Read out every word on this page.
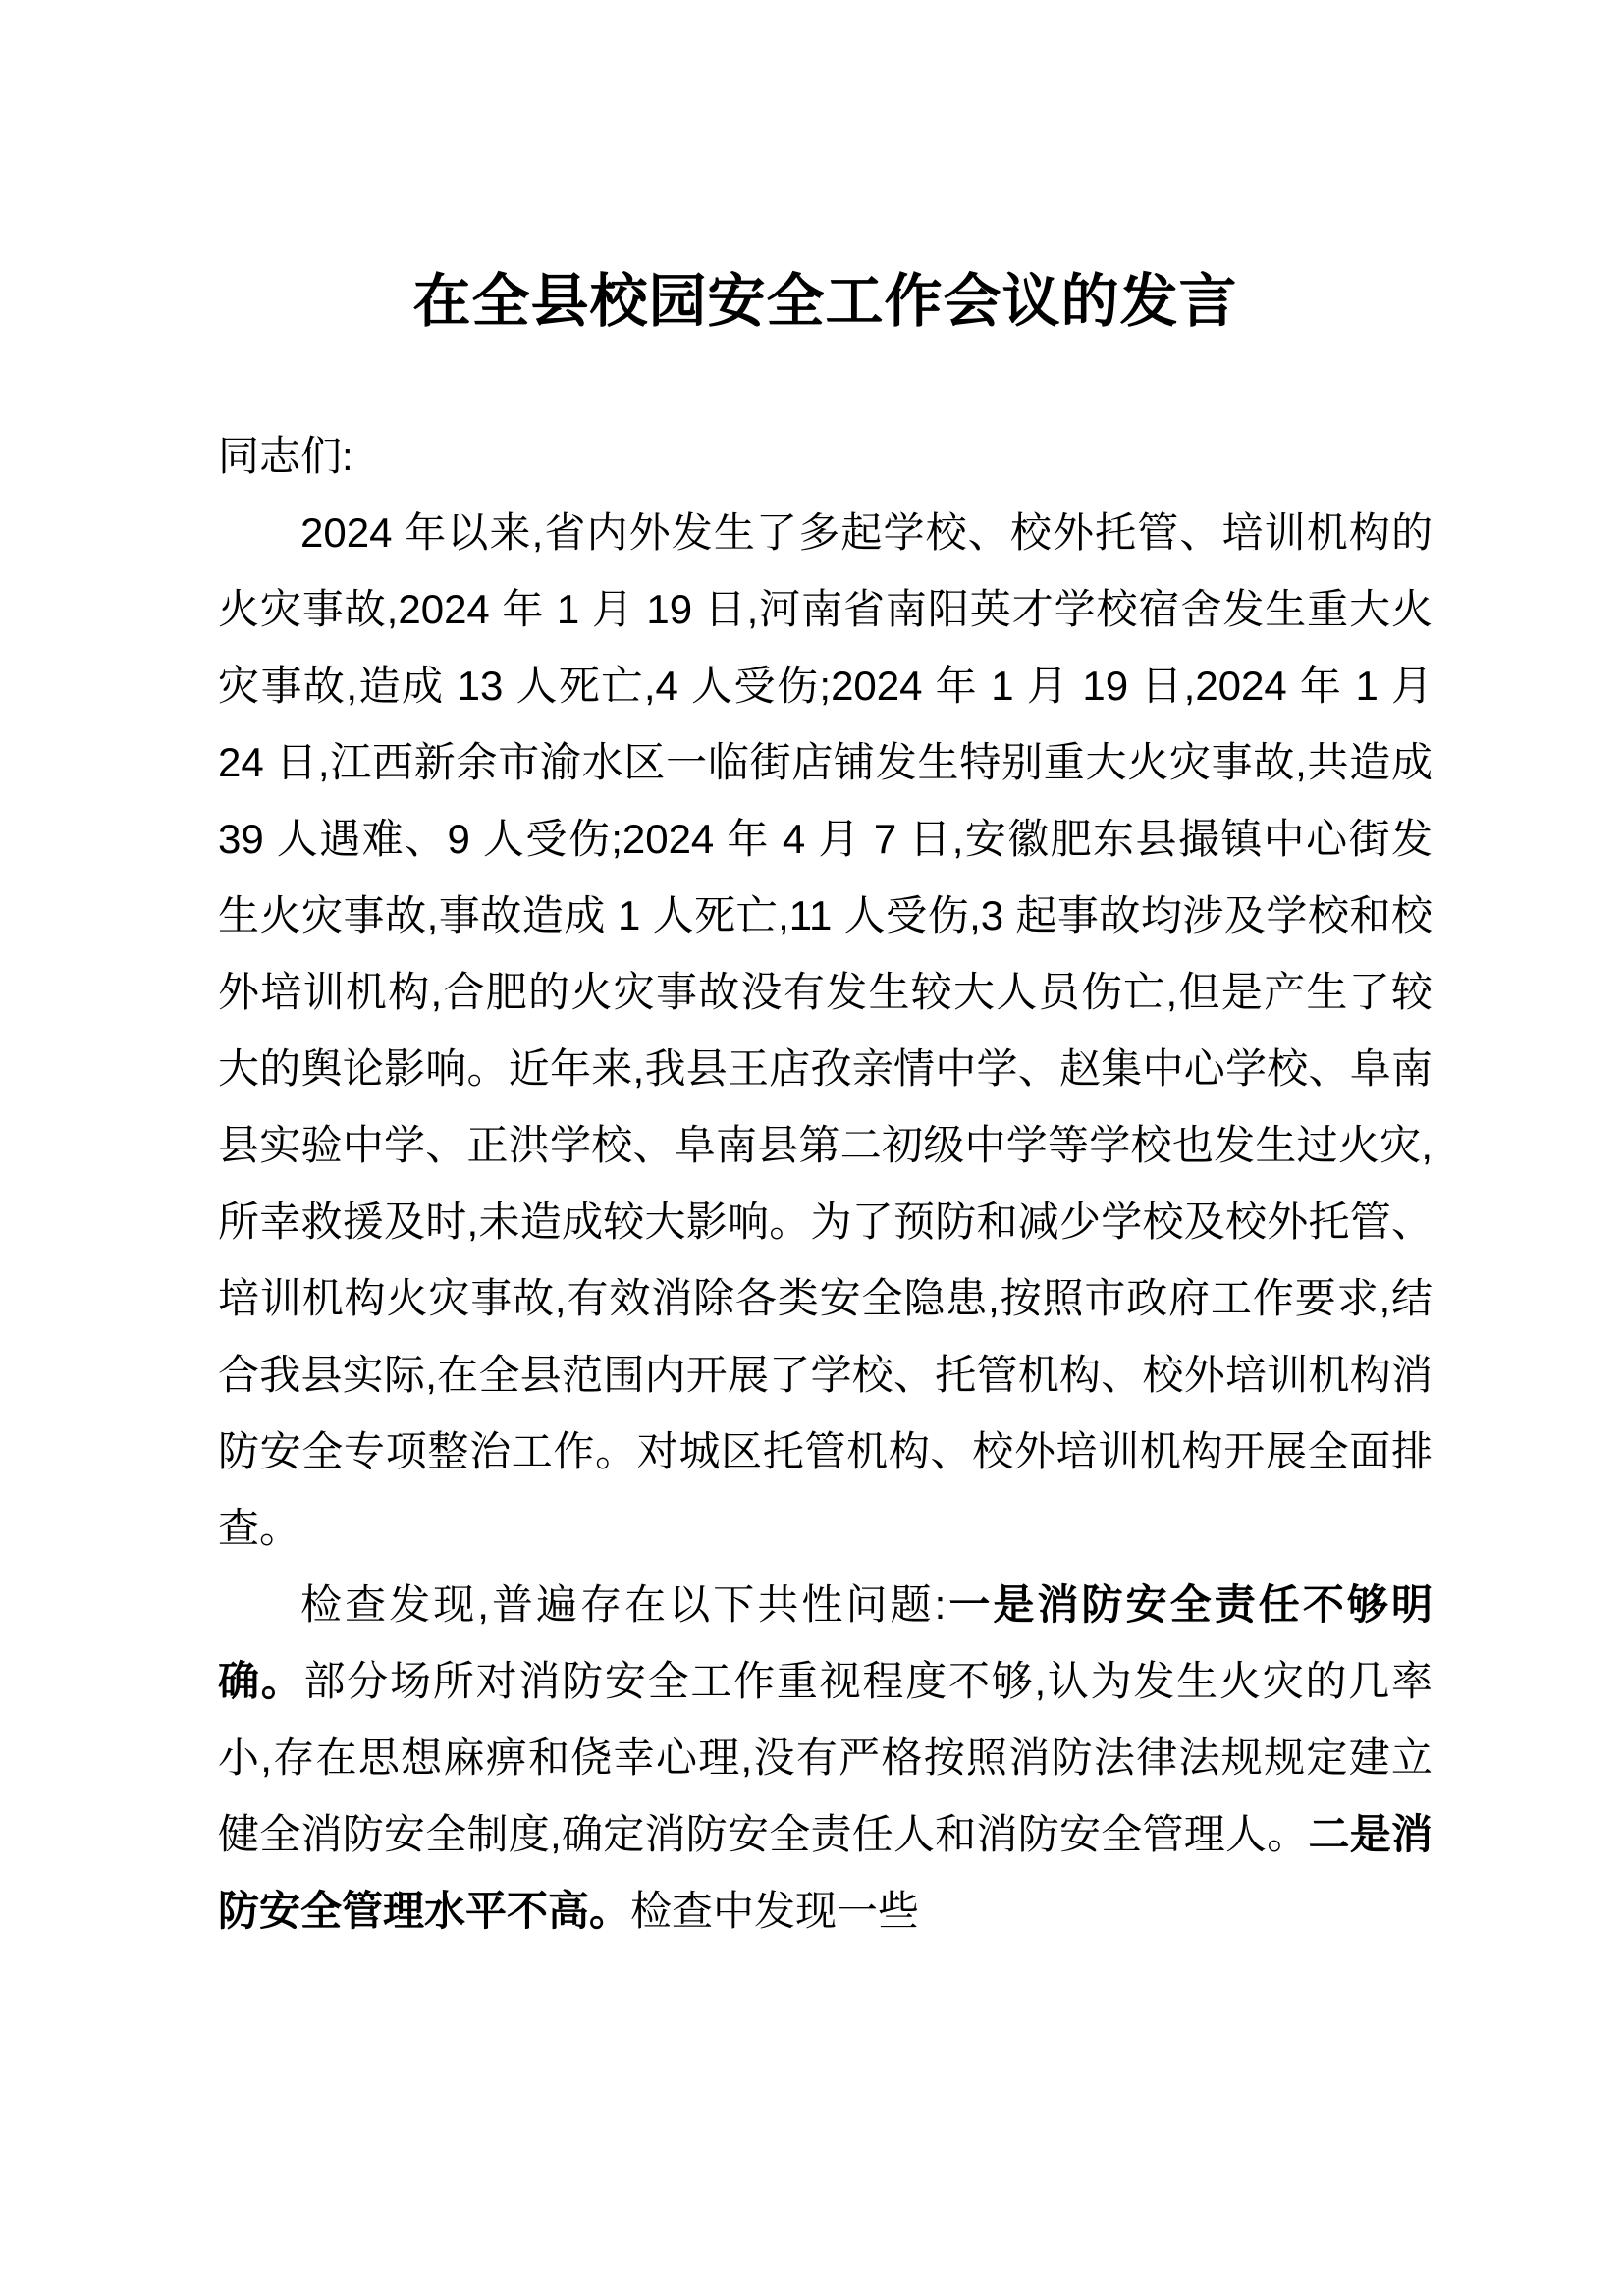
在全县校园安全工作会议的发言

同志们:

2024 年以来,省内外发生了多起学校、校外托管、培训机构的火灾事故,2024 年 1 月 19 日,河南省南阳英才学校宿舍发生重大火灾事故,造成 13 人死亡,4 人受伤;2024 年 1 月 19 日,2024 年 1 月 24 日,江西新余市渝水区一临街店铺发生特别重大火灾事故,共造成 39 人遇难、9 人受伤;2024 年 4 月 7 日,安徽肥东县撮镇中心街发生火灾事故,事故造成 1 人死亡,11 人受伤,3 起事故均涉及学校和校外培训机构,合肥的火灾事故没有发生较大人员伤亡,但是产生了较大的舆论影响。近年来,我县王店孜亲情中学、赵集中心学校、阜南县实验中学、正洪学校、阜南县第二初级中学等学校也发生过火灾,所幸救援及时,未造成较大影响。为了预防和减少学校及校外托管、培训机构火灾事故,有效消除各类安全隐患,按照市政府工作要求,结合我县实际,在全县范围内开展了学校、托管机构、校外培训机构消防安全专项整治工作。对城区托管机构、校外培训机构开展全面排查。

检查发现,普遍存在以下共性问题:一是消防安全责任不够明确。部分场所对消防安全工作重视程度不够,认为发生火灾的几率小,存在思想麻痹和侥幸心理,没有严格按照消防法律法规规定建立健全消防安全制度,确定消防安全责任人和消防安全管理人。二是消防安全管理水平不高。检查中发现一些
